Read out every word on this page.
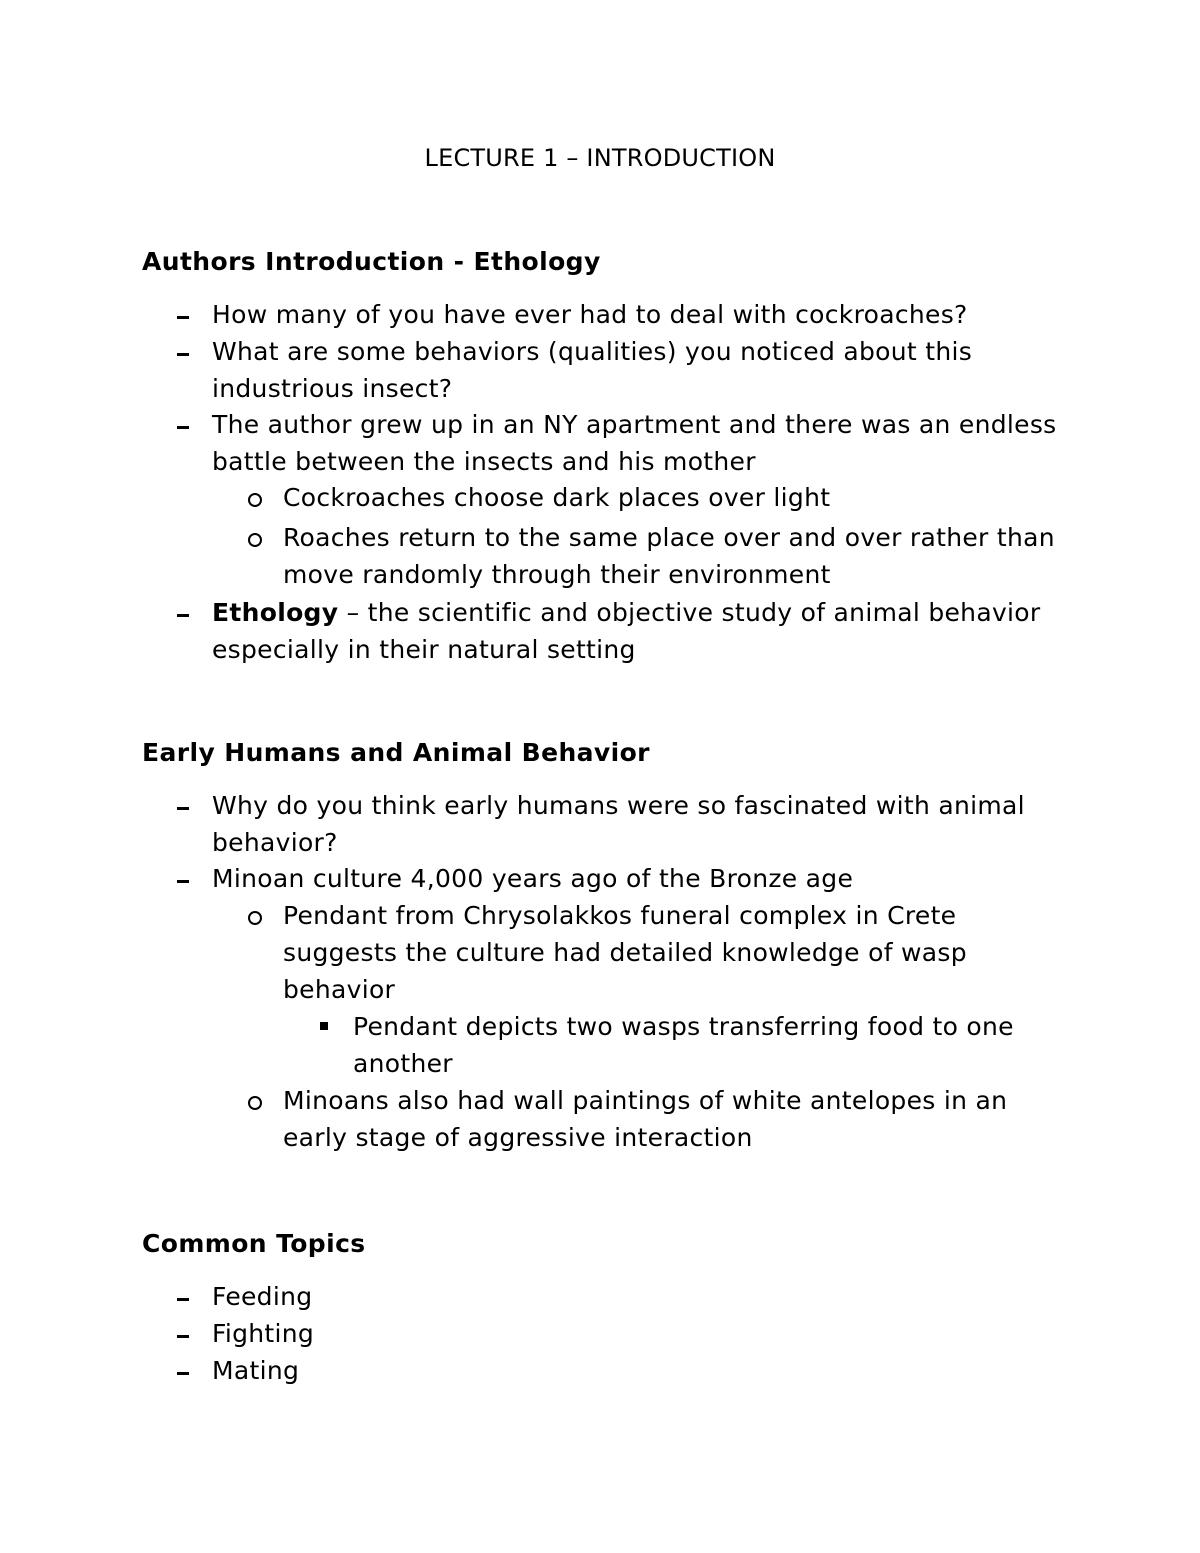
LECTURE 1 – INTRODUCTION
Authors Introduction - Ethology
How many of you have ever had to deal with cockroaches?
What are some behaviors (qualities) you noticed about this industrious insect?
The author grew up in an NY apartment and there was an endless battle between the insects and his mother
Cockroaches choose dark places over light
Roaches return to the same place over and over rather than move randomly through their environment
Ethology – the scientific and objective study of animal behavior especially in their natural setting
Early Humans and Animal Behavior
Why do you think early humans were so fascinated with animal behavior?
Minoan culture 4,000 years ago of the Bronze age
Pendant from Chrysolakkos funeral complex in Crete suggests the culture had detailed knowledge of wasp behavior
Pendant depicts two wasps transferring food to one another
Minoans also had wall paintings of white antelopes in an early stage of aggressive interaction
Common Topics
Feeding
Fighting
Mating
